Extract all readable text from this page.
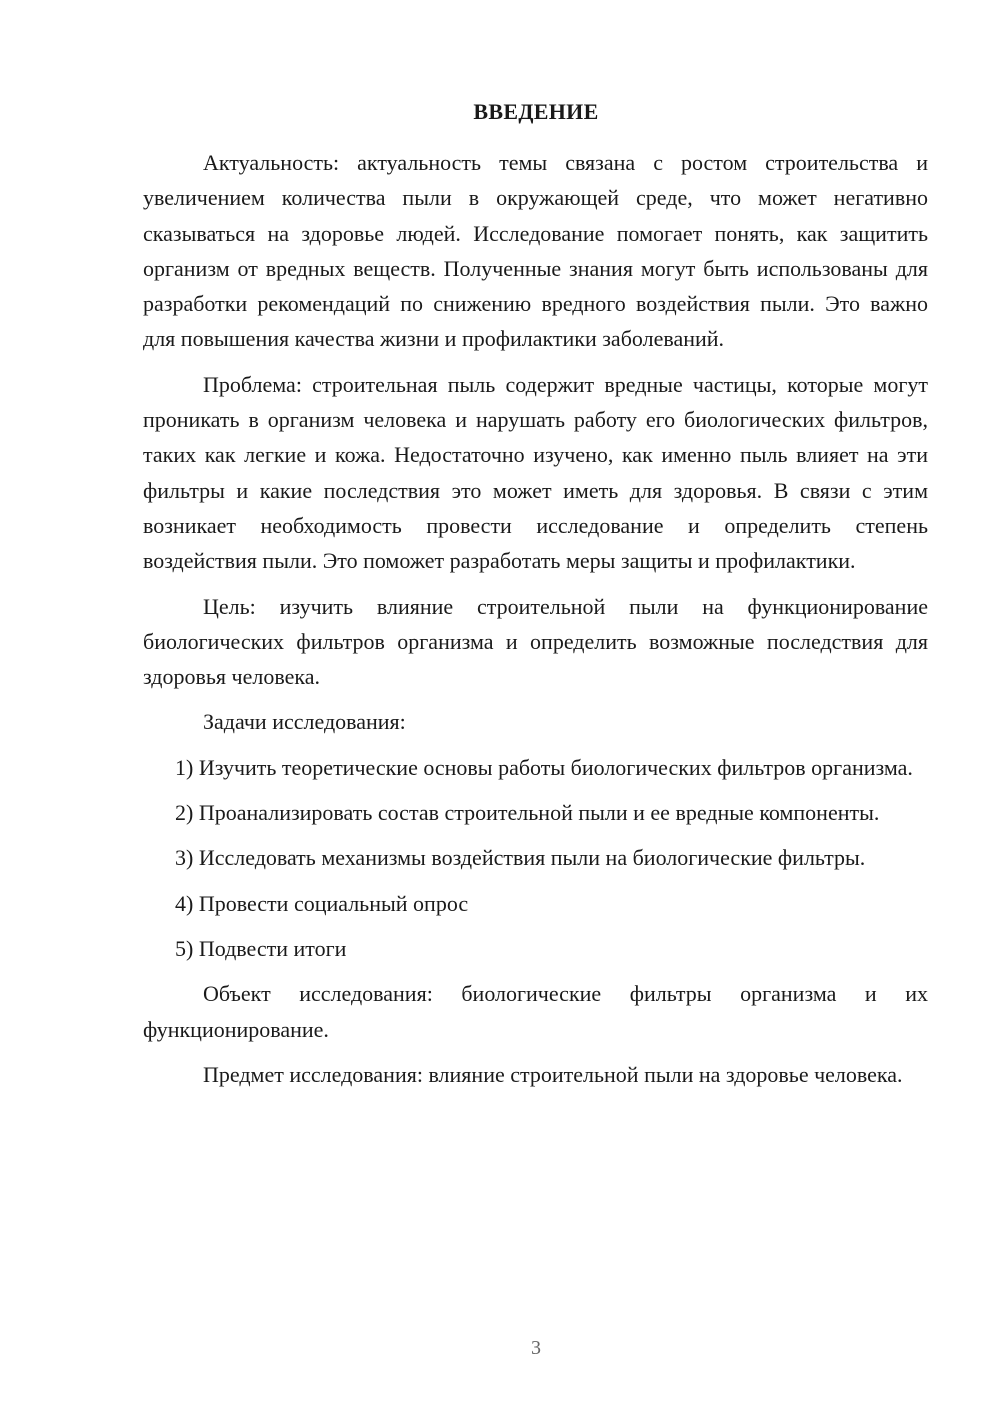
ВВЕДЕНИЕ

Актуальность: актуальность темы связана с ростом строительства и увеличением количества пыли в окружающей среде, что может негативно сказываться на здоровье людей. Исследование помогает понять, как защитить организм от вредных веществ. Полученные знания могут быть использованы для разработки рекомендаций по снижению вредного воздействия пыли. Это важно для повышения качества жизни и профилактики заболеваний.

Проблема: строительная пыль содержит вредные частицы, которые могут проникать в организм человека и нарушать работу его биологических фильтров, таких как легкие и кожа. Недостаточно изучено, как именно пыль влияет на эти фильтры и какие последствия это может иметь для здоровья. В связи с этим возникает необходимость провести исследование и определить степень воздействия пыли. Это поможет разработать меры защиты и профилактики.

Цель: изучить влияние строительной пыли на функционирование биологических фильтров организма и определить возможные последствия для здоровья человека.

Задачи исследования:

1) Изучить теоретические основы работы биологических фильтров организма.

2) Проанализировать состав строительной пыли и ее вредные компоненты.

3) Исследовать механизмы воздействия пыли на биологические фильтры.

4) Провести социальный опрос

5) Подвести итоги

Объект исследования: биологические фильтры организма и их функционирование.

Предмет исследования: влияние строительной пыли на здоровье человека.

3
